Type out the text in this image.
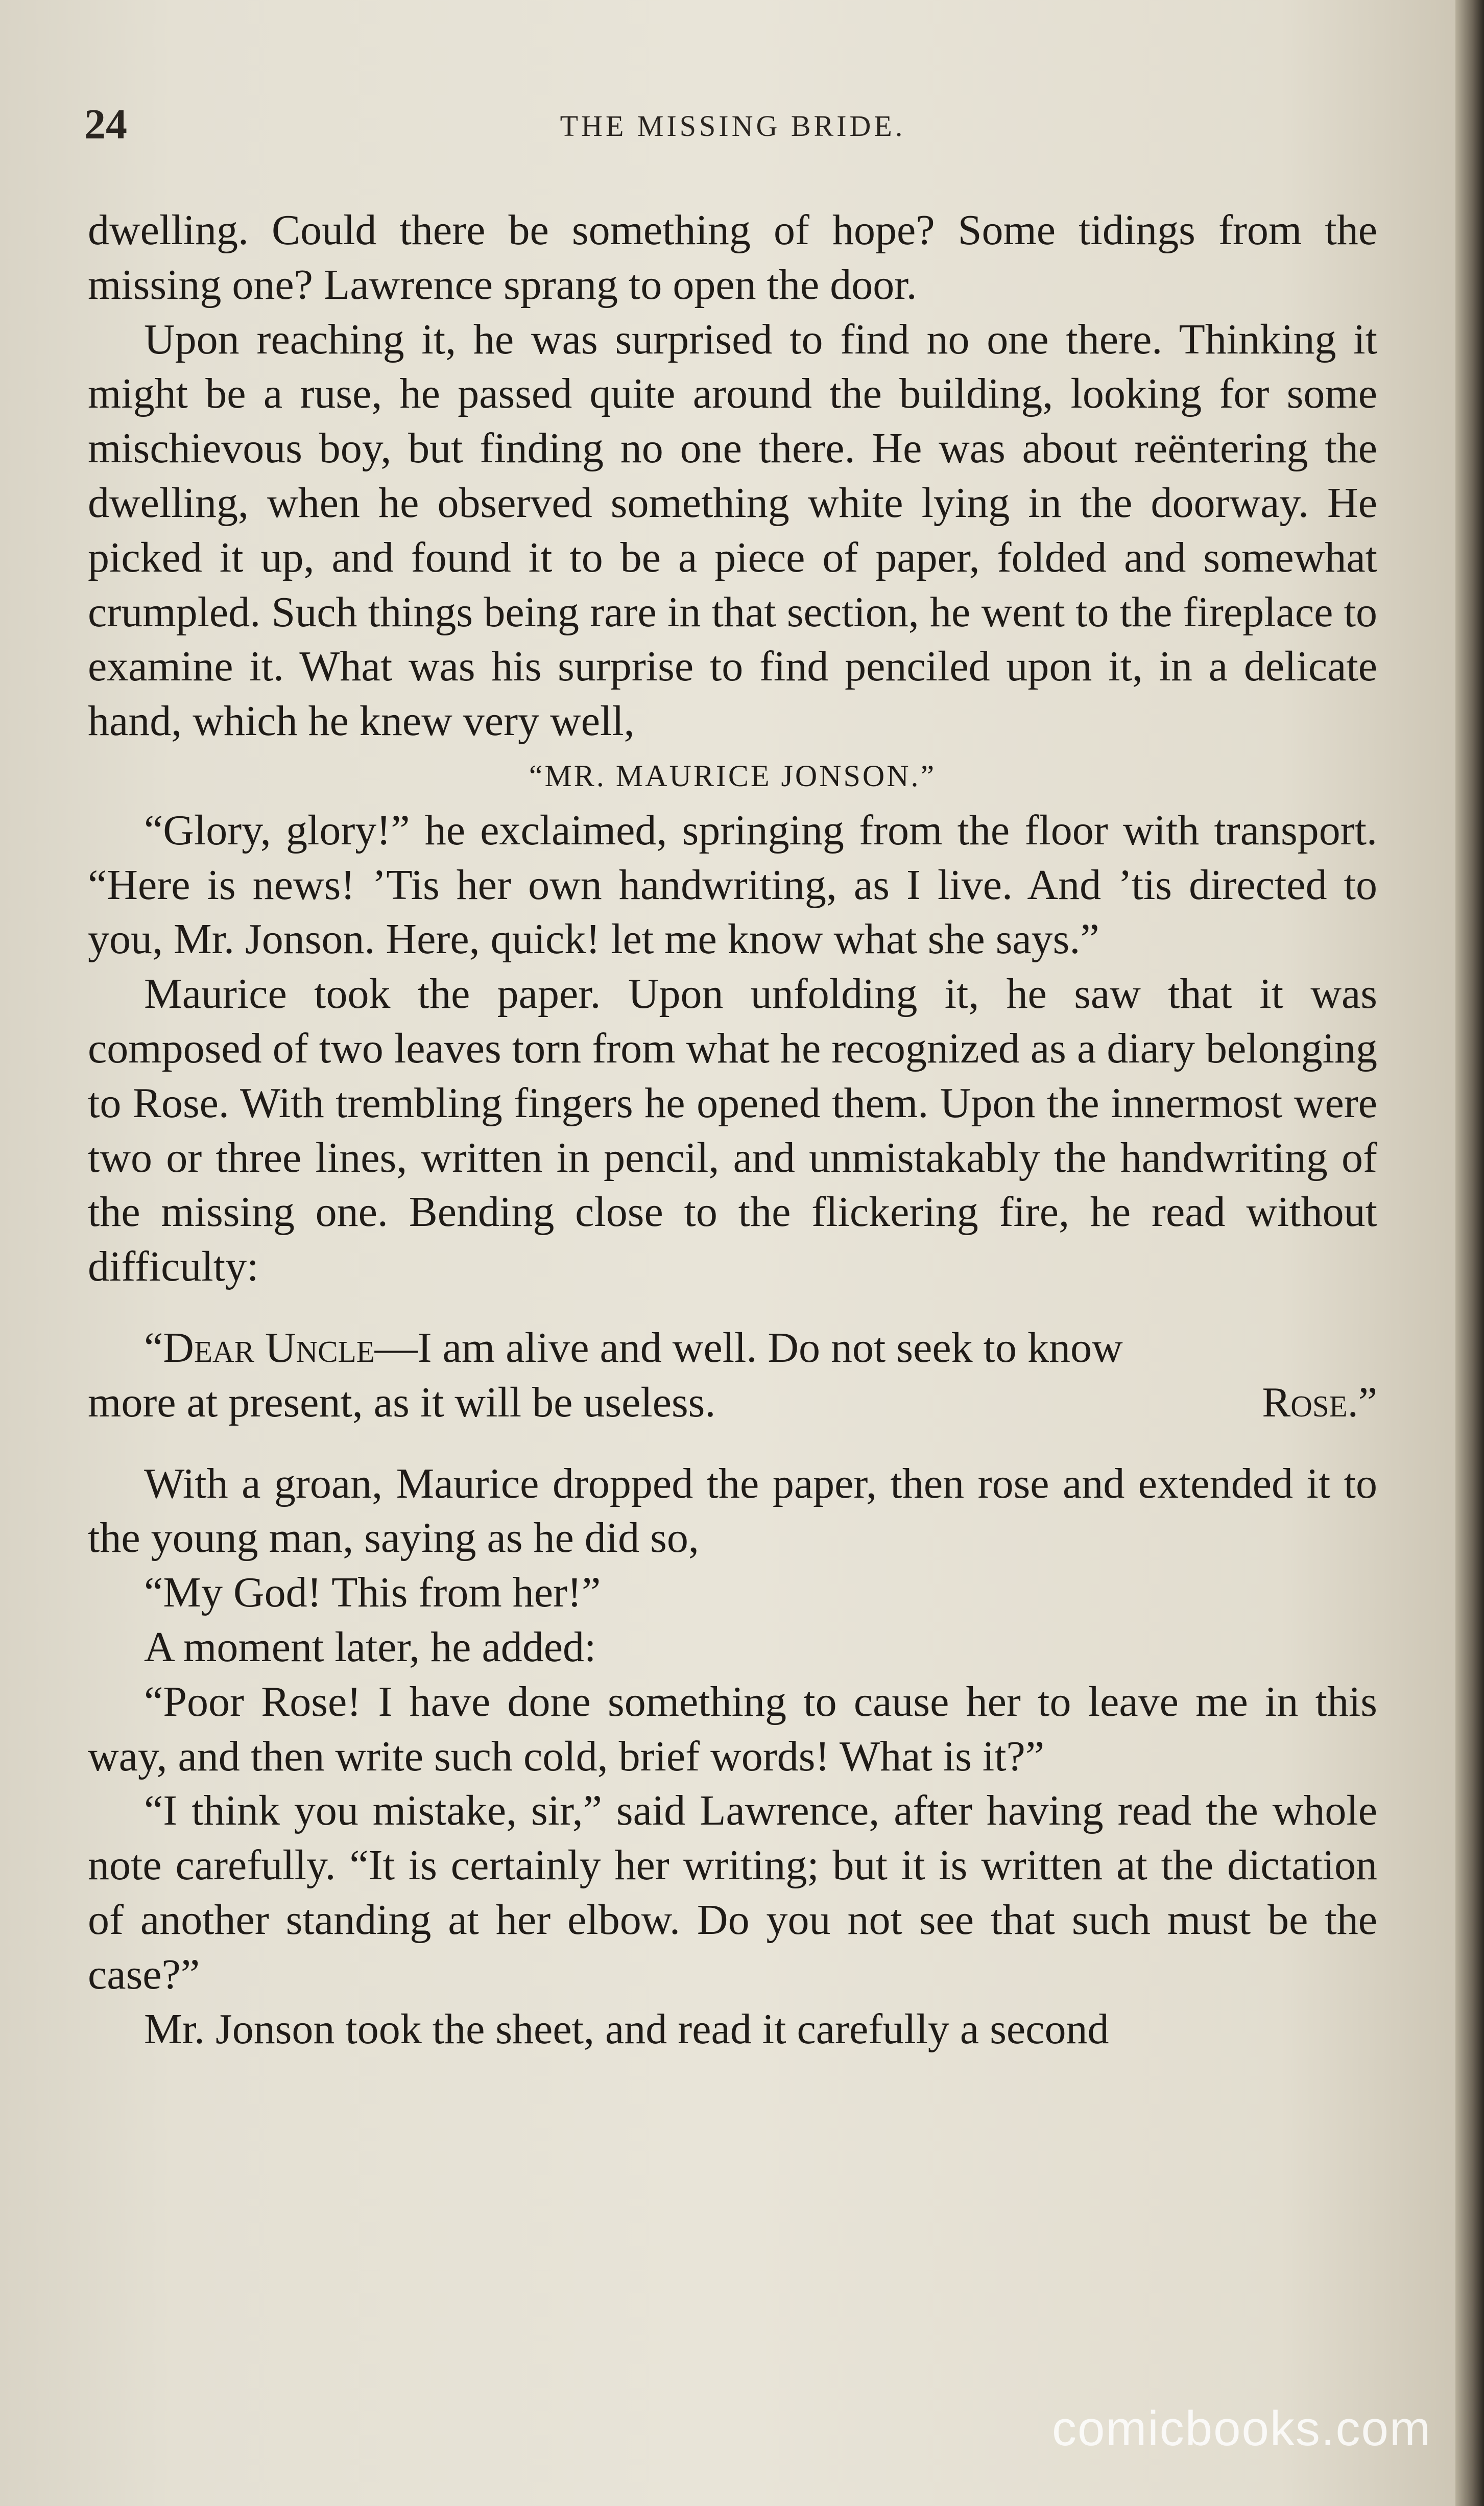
24	THE MISSING BRIDE.

dwelling. Could there be something of hope? Some tidings from the missing one? Lawrence sprang to open the door.

Upon reaching it, he was surprised to find no one there. Thinking it might be a ruse, he passed quite around the building, looking for some mischievous boy, but finding no one there. He was about reëntering the dwelling, when he observed something white lying in the doorway. He picked it up, and found it to be a piece of paper, folded and somewhat crumpled. Such things being rare in that section, he went to the fireplace to examine it. What was his surprise to find penciled upon it, in a delicate hand, which he knew very well,

“MR. MAURICE JONSON.”

“Glory, glory!” he exclaimed, springing from the floor with transport. “Here is news! ’Tis her own handwriting, as I live. And ’tis directed to you, Mr. Jonson. Here, quick! let me know what she says.”

Maurice took the paper. Upon unfolding it, he saw that it was composed of two leaves torn from what he recognized as a diary belonging to Rose. With trembling fingers he opened them. Upon the innermost were two or three lines, written in pencil, and unmistakably the handwriting of the missing one. Bending close to the flickering fire, he read without difficulty:

“Dear Uncle—I am alive and well. Do not seek to know

more at present, as it will be useless.	Rose.”

With a groan, Maurice dropped the paper, then rose and extended it to the young man, saying as he did so,

“My God! This from her!”

A moment later, he added:

“Poor Rose! I have done something to cause her to leave me in this way, and then write such cold, brief words! What is it?”

“I think you mistake, sir,” said Lawrence, after having read the whole note carefully. “It is certainly her writing; but it is written at the dictation of another standing at her elbow. Do you not see that such must be the case?”

Mr. Jonson took the sheet, and read it carefully a second

comicbooks.com
